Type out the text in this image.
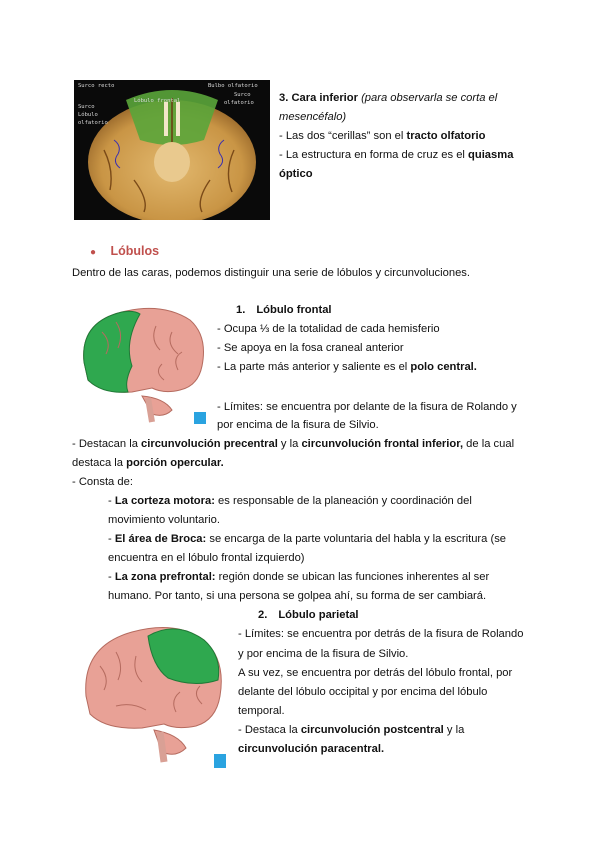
Surco recto	Bulbo olfatorio
Surco
Lóbulo frontal
Surco
olfatorio
Lóbulo
olfatorio
3. Cara inferior (para observarla se corta el
mesencéfalo)
- Las dos “cerillas” son el tracto olfatorio
- La estructura en forma de cruz es el quiasma
óptico
● Lóbulos
Dentro de las caras, podemos distinguir una serie de lóbulos y circunvoluciones.
1. Lóbulo frontal
- Ocupa ⅓ de la totalidad de cada hemisferio
- Se apoya en la fosa craneal anterior
- La parte más anterior y saliente es el polo central.
- Límites: se encuentra por delante de la fisura de Rolando y
por encima de la fisura de Silvio.
- Destacan la circunvolución precentral y la circunvolución frontal inferior, de la cual
destaca la porción opercular.
- Consta de:
- La corteza motora: es responsable de la planeación y coordinación del
movimiento voluntario.
- El área de Broca: se encarga de la parte voluntaria del habla y la escritura (se
encuentra en el lóbulo frontal izquierdo)
- La zona prefrontal: región donde se ubican las funciones inherentes al ser
humano. Por tanto, si una persona se golpea ahí, su forma de ser cambiará.
2. Lóbulo parietal
- Límites: se encuentra por detrás de la fisura de Rolando
y por encima de la fisura de Silvio.
A su vez, se encuentra por detrás del lóbulo frontal, por
delante del lóbulo occipital y por encima del lóbulo
temporal.
- Destaca la circunvolución postcentral y la
circunvolución paracentral.
